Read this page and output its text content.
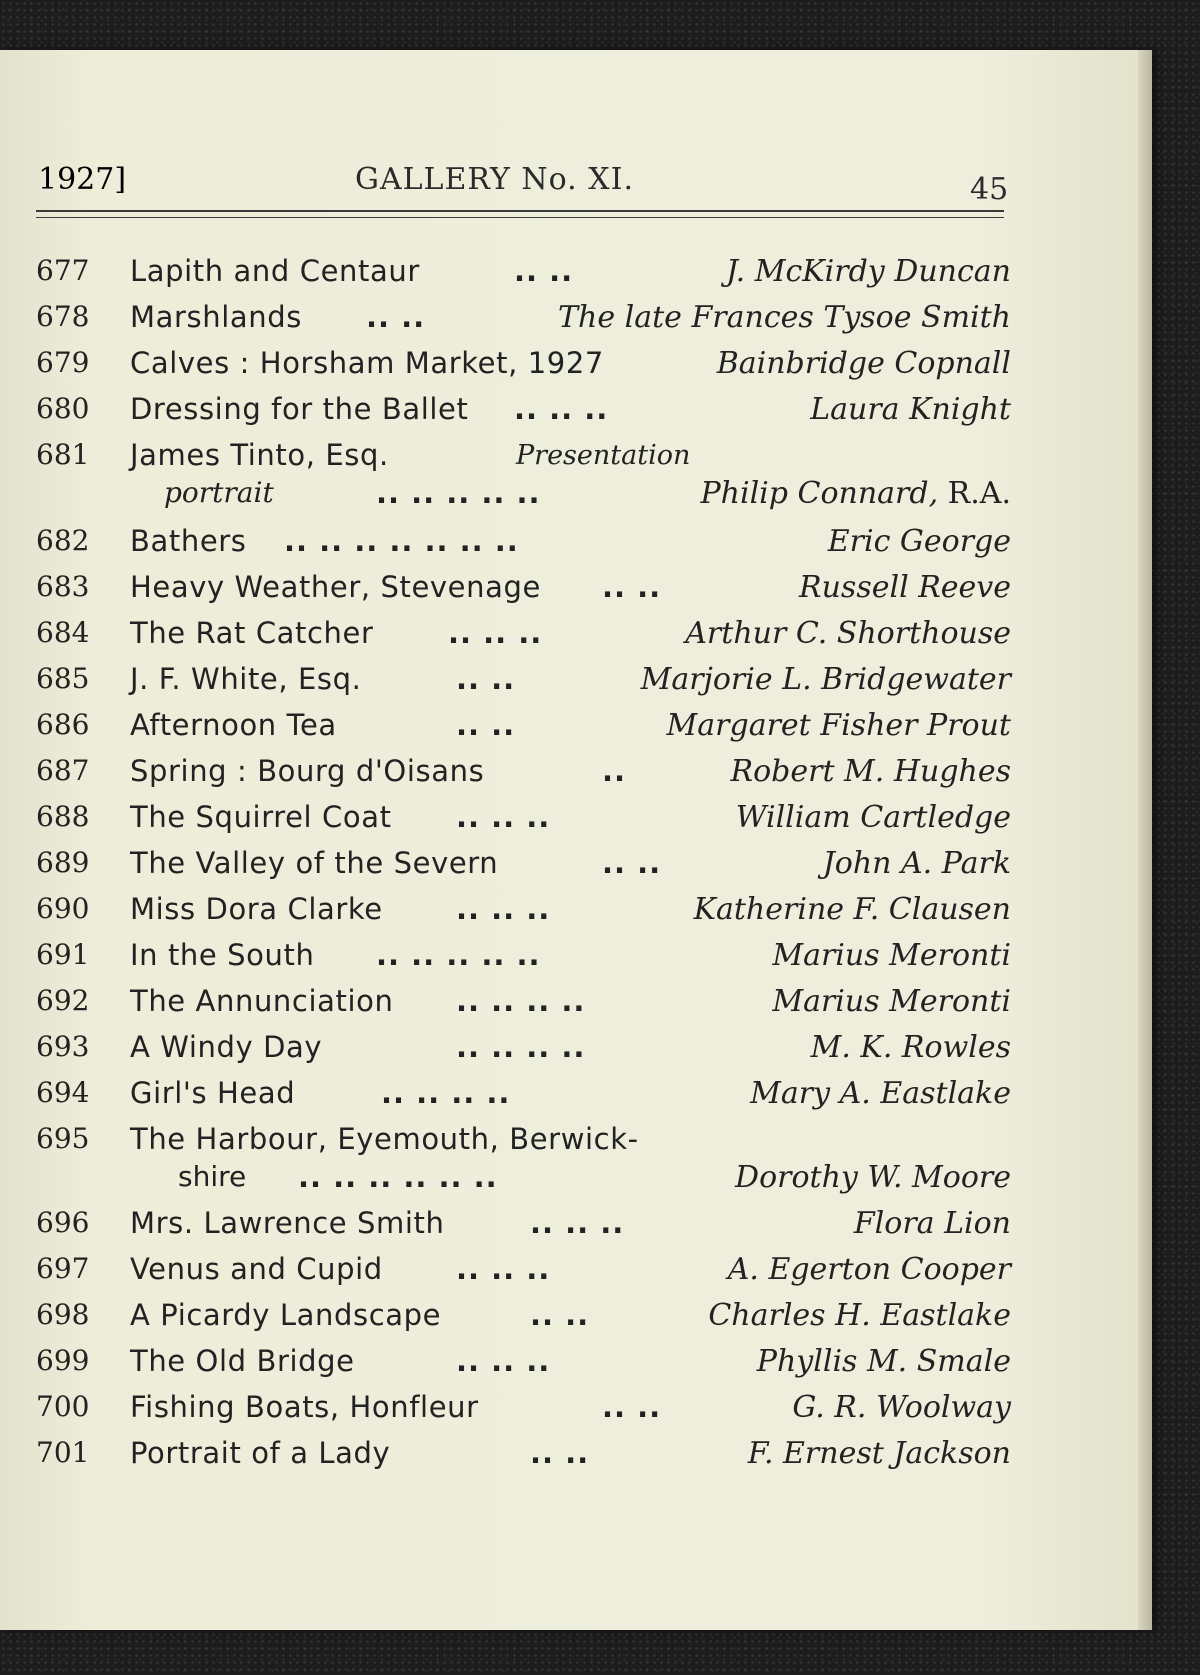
1927]	GALLERY No. XI.	45
677 Lapith and Centaur	.. ..	J. McKirdy Duncan
678 Marshlands .. ..	The late Frances Tysoe Smith
679 Calves : Horsham Market, 1927	Bainbridge Copnall
680 Dressing for the Ballet .. .. ..	Laura Knight
681 James Tinto, Esq.	Presentation
portrait	.. .. .. .. ..	Philip Connard, R.A.
682 Bathers .. .. .. .. .. .. ..	Eric George
683 Heavy Weather, Stevenage .. ..	Russell Reeve
684 The Rat Catcher	.. .. ..	Arthur C. Shorthouse
685 J. F. White, Esq.	.. ..	Marjorie L. Bridgewater
686 Afternoon Tea	.. ..	Margaret Fisher Prout
687 Spring : Bourg d'Oisans	..	Robert M. Hughes
688 The Squirrel Coat .. .. ..	William Cartledge
689 The Valley of the Severn	.. ..	John A. Park
690 Miss Dora Clarke	.. .. ..	Katherine F. Clausen
691 In the South .. .. .. .. ..	Marius Meronti
692 The Annunciation .. .. .. ..	Marius Meronti
693 A Windy Day	.. .. .. ..	M. K. Rowles
694 Girl's Head	.. .. .. ..	Mary A. Eastlake
695 The Harbour, Eyemouth, Berwick-
shire .. .. .. .. .. ..	Dorothy W. Moore
696 Mrs. Lawrence Smith	.. .. ..	Flora Lion
697 Venus and Cupid	.. .. ..	A. Egerton Cooper
698 A Picardy Landscape	.. ..	Charles H. Eastlake
699 The Old Bridge	.. .. ..	Phyllis M. Smale
700 Fishing Boats, Honfleur	.. ..	G. R. Woolway
701 Portrait of a Lady	.. ..	F. Ernest Jackson
